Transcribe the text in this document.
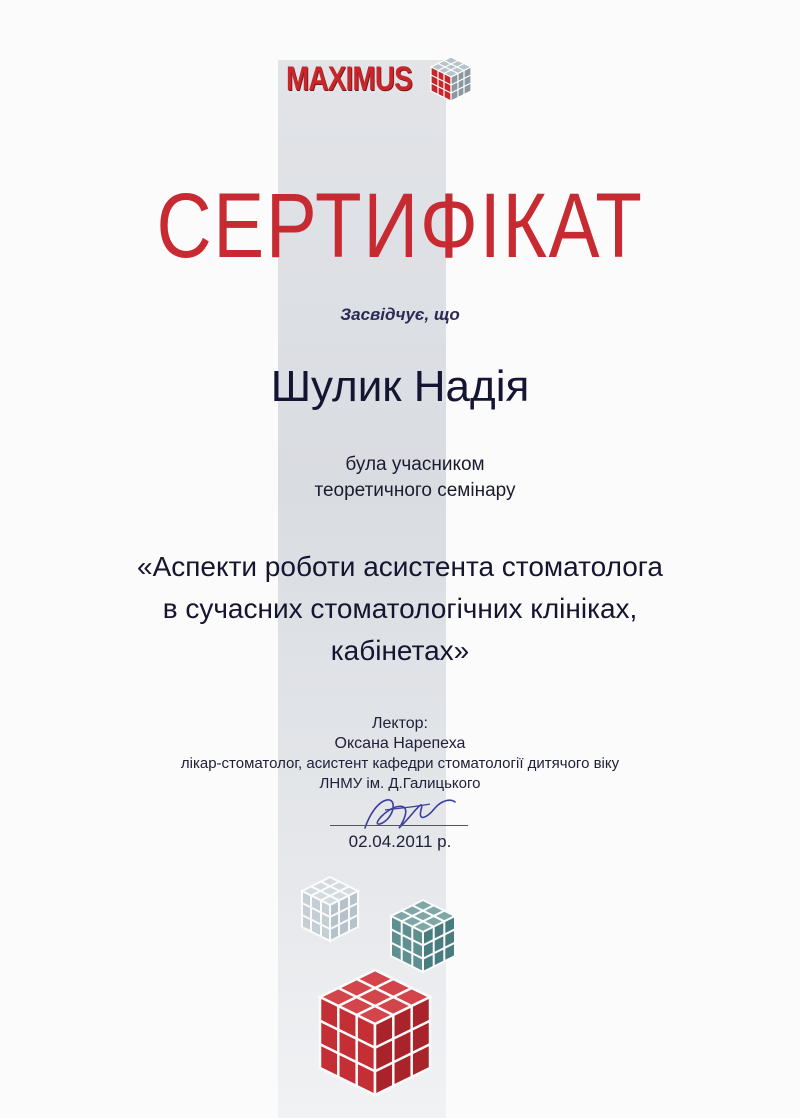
MAXIMUS
СЕРТИФІКАТ
Засвідчує, що
Шулик Надія
була учасником
теоретичного семінару
«Аспекти роботи асистента стоматолога
в сучасних стоматологічних клініках,
кабінетах»
Лектор:
Оксана Нарепеха
лікар-стоматолог, асистент кафедри стоматології дитячого віку
ЛНМУ ім. Д.Галицького
02.04.2011 р.
